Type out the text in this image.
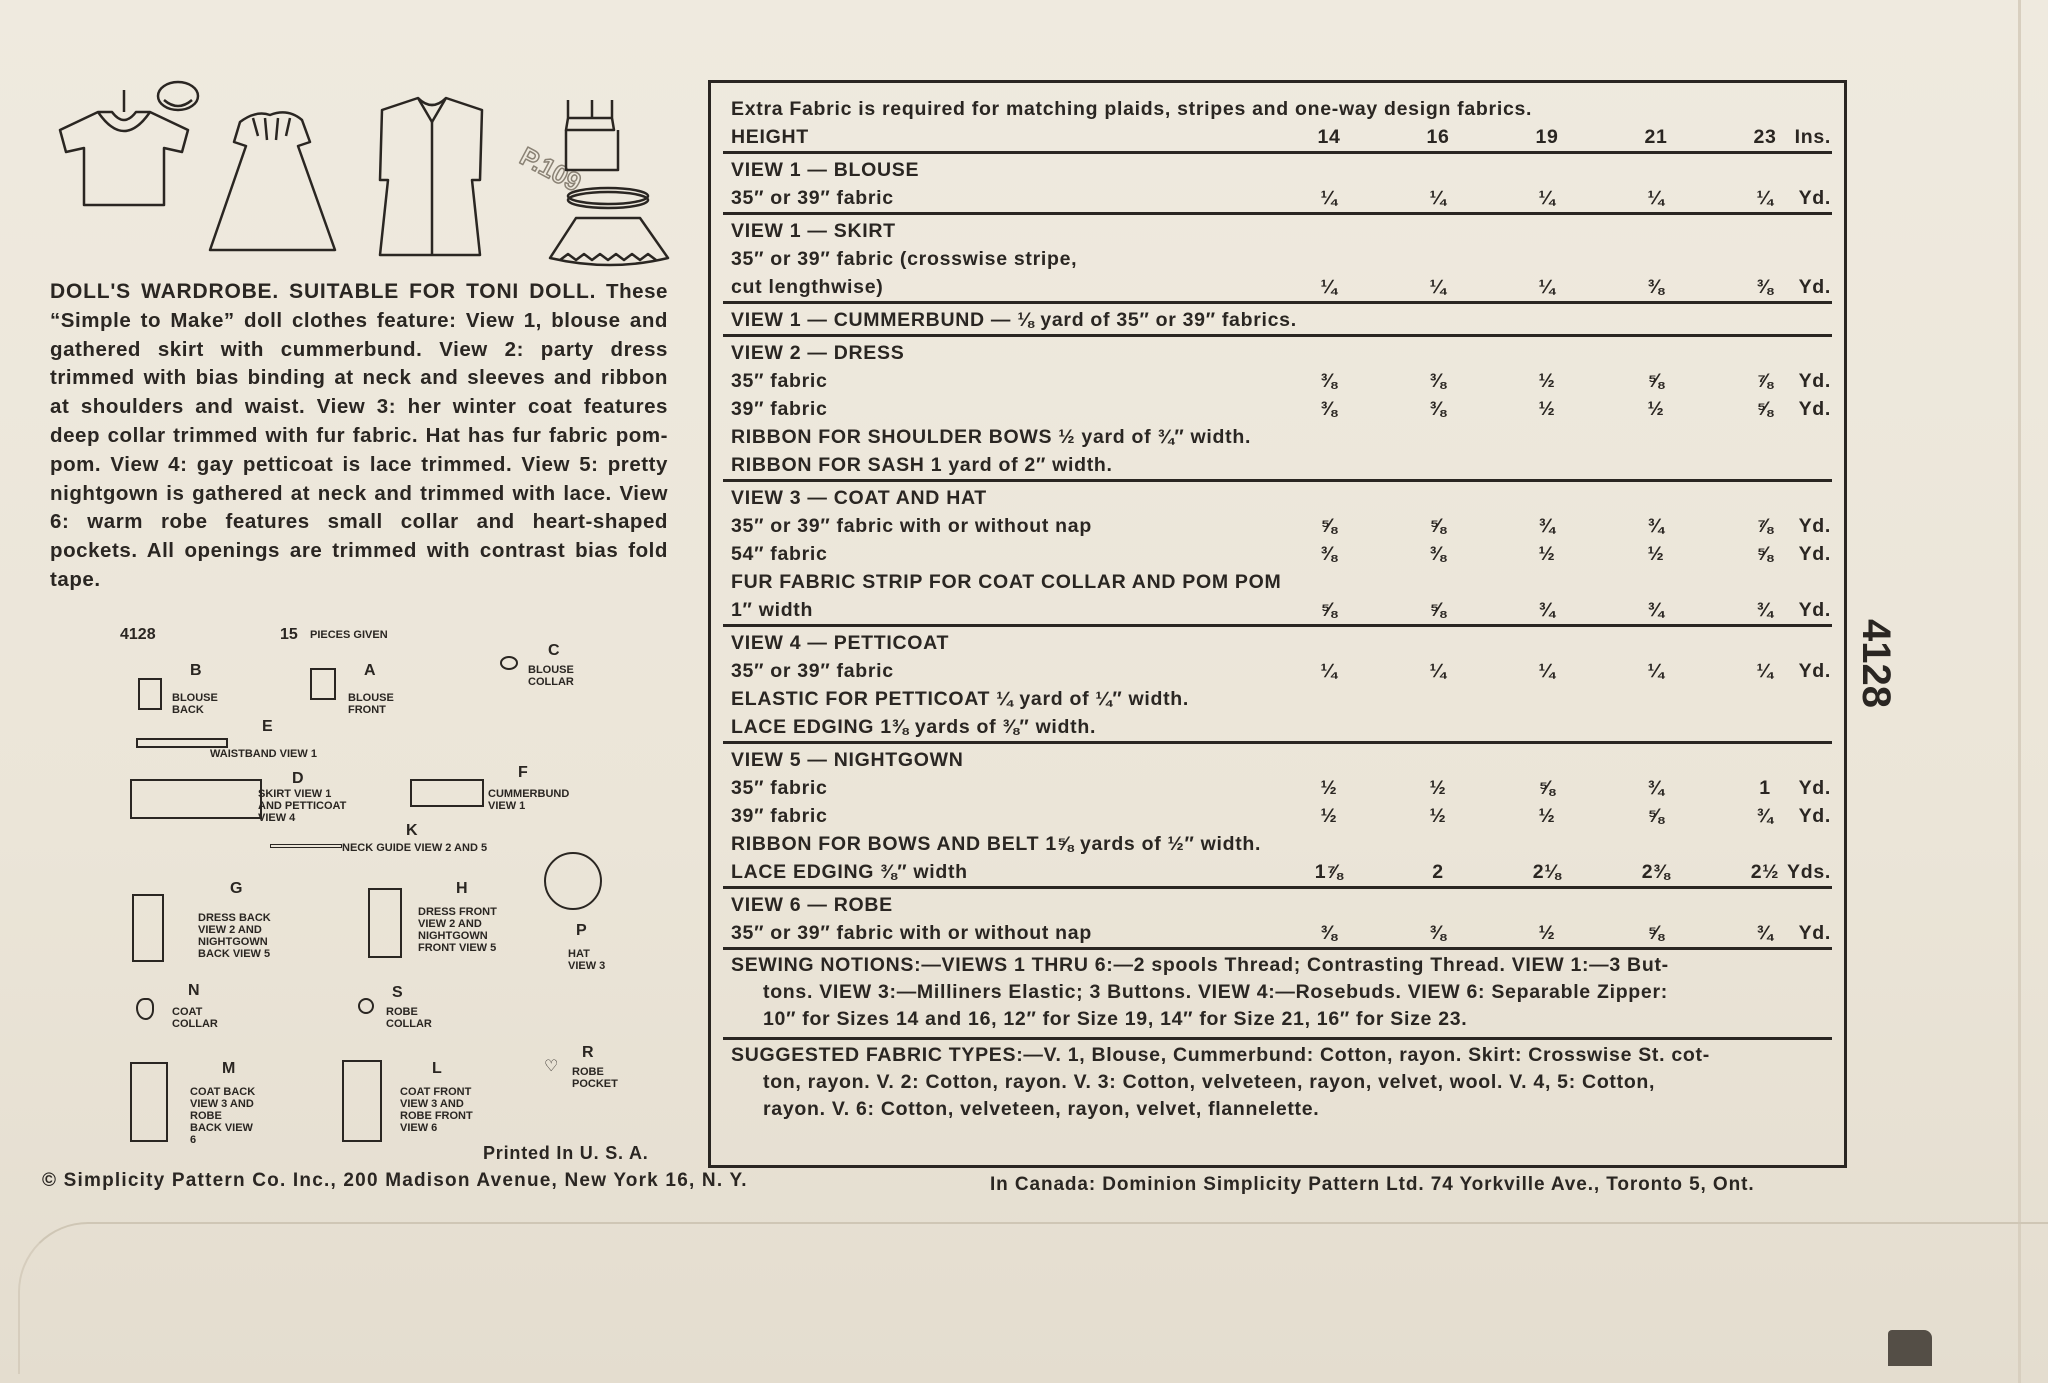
P.109
DOLL'S WARDROBE. SUITABLE FOR TONI DOLL. These “Simple to Make” doll clothes feature: View 1, blouse and gathered skirt with cummerbund. View 2: party dress trimmed with bias binding at neck and sleeves and ribbon at shoulders and waist. View 3: her winter coat features deep collar trimmed with fur fabric. Hat has fur fabric pom-pom. View 4: gay petticoat is lace trimmed. View 5: pretty nightgown is gathered at neck and trimmed with lace. View 6: warm robe features small collar and heart-shaped pockets. All openings are trimmed with contrast bias fold tape.
4128	15 PIECES GIVEN
B
BLOUSE BACK
A
BLOUSE FRONT
C
BLOUSE COLLAR
E
WAISTBAND VIEW 1
D
SKIRT VIEW 1 AND PETTICOAT VIEW 4
F
CUMMERBUND VIEW 1
K
NECK GUIDE VIEW 2 AND 5
G
DRESS BACK VIEW 2 AND NIGHTGOWN BACK VIEW 5
H
DRESS FRONT VIEW 2 AND NIGHTGOWN FRONT VIEW 5
P
HAT VIEW 3
N
COAT COLLAR
S
ROBE COLLAR
R
♡ ROBE POCKET
M
COAT BACK VIEW 3 AND ROBE BACK VIEW 6
L
COAT FRONT VIEW 3 AND ROBE FRONT VIEW 6
Printed In U. S. A.
© Simplicity Pattern Co. Inc., 200 Madison Avenue, New York 16, N. Y.	In Canada: Dominion Simplicity Pattern Ltd. 74 Yorkville Ave., Toronto 5, Ont.
Extra Fabric is required for matching plaids, stripes and one-way design fabrics.
HEIGHT	14	16	19	21	23 Ins.
VIEW 1 — BLOUSE
35″ or 39″ fabric	¼	¼	¼	¼	¼	Yd.
VIEW 1 — SKIRT
35″ or 39″ fabric (crosswise stripe,
cut lengthwise)	¼	¼	¼	⅜	⅜	Yd.
VIEW 1 — CUMMERBUND — ⅛ yard of 35″ or 39″ fabrics.
VIEW 2 — DRESS
35″ fabric	⅜	⅜	½	⅝	⅞	Yd.
39″ fabric	⅜	⅜	½	½	⅝	Yd.
RIBBON FOR SHOULDER BOWS ½ yard of ¾″ width.
RIBBON FOR SASH 1 yard of 2″ width.
VIEW 3 — COAT AND HAT
35″ or 39″ fabric with or without nap	⅝	⅝	¾	¾	⅞	Yd.
54″ fabric	⅜	⅜	½	½	⅝	Yd.
FUR FABRIC STRIP FOR COAT COLLAR AND POM POM
1″ width	⅝	⅝	¾	¾	¾	Yd.
VIEW 4 — PETTICOAT
35″ or 39″ fabric	¼	¼	¼	¼	¼	Yd.
ELASTIC FOR PETTICOAT ¼ yard of ¼″ width.
LACE EDGING 1⅜ yards of ⅜″ width.
VIEW 5 — NIGHTGOWN
35″ fabric	½	½	⅝	¾	1	Yd.
39″ fabric	½	½	½	⅝	¾	Yd.
RIBBON FOR BOWS AND BELT 1⅝ yards of ½″ width.
LACE EDGING ⅜″ width	1⅞	2	2⅛	2⅜	2½ Yds.
VIEW 6 — ROBE
35″ or 39″ fabric with or without nap	⅜	⅜	½	⅝	¾	Yd.
SEWING NOTIONS:—VIEWS 1 THRU 6:—2 spools Thread; Contrasting Thread. VIEW 1:—3 But-
tons. VIEW 3:—Milliners Elastic; 3 Buttons. VIEW 4:—Rosebuds. VIEW 6: Separable Zipper:
10″ for Sizes 14 and 16, 12″ for Size 19, 14″ for Size 21, 16″ for Size 23.
SUGGESTED FABRIC TYPES:—V. 1, Blouse, Cummerbund: Cotton, rayon. Skirt: Crosswise St. cot-
ton, rayon. V. 2: Cotton, rayon. V. 3: Cotton, velveteen, rayon, velvet, wool. V. 4, 5: Cotton,
rayon. V. 6: Cotton, velveteen, rayon, velvet, flannelette.
4128
